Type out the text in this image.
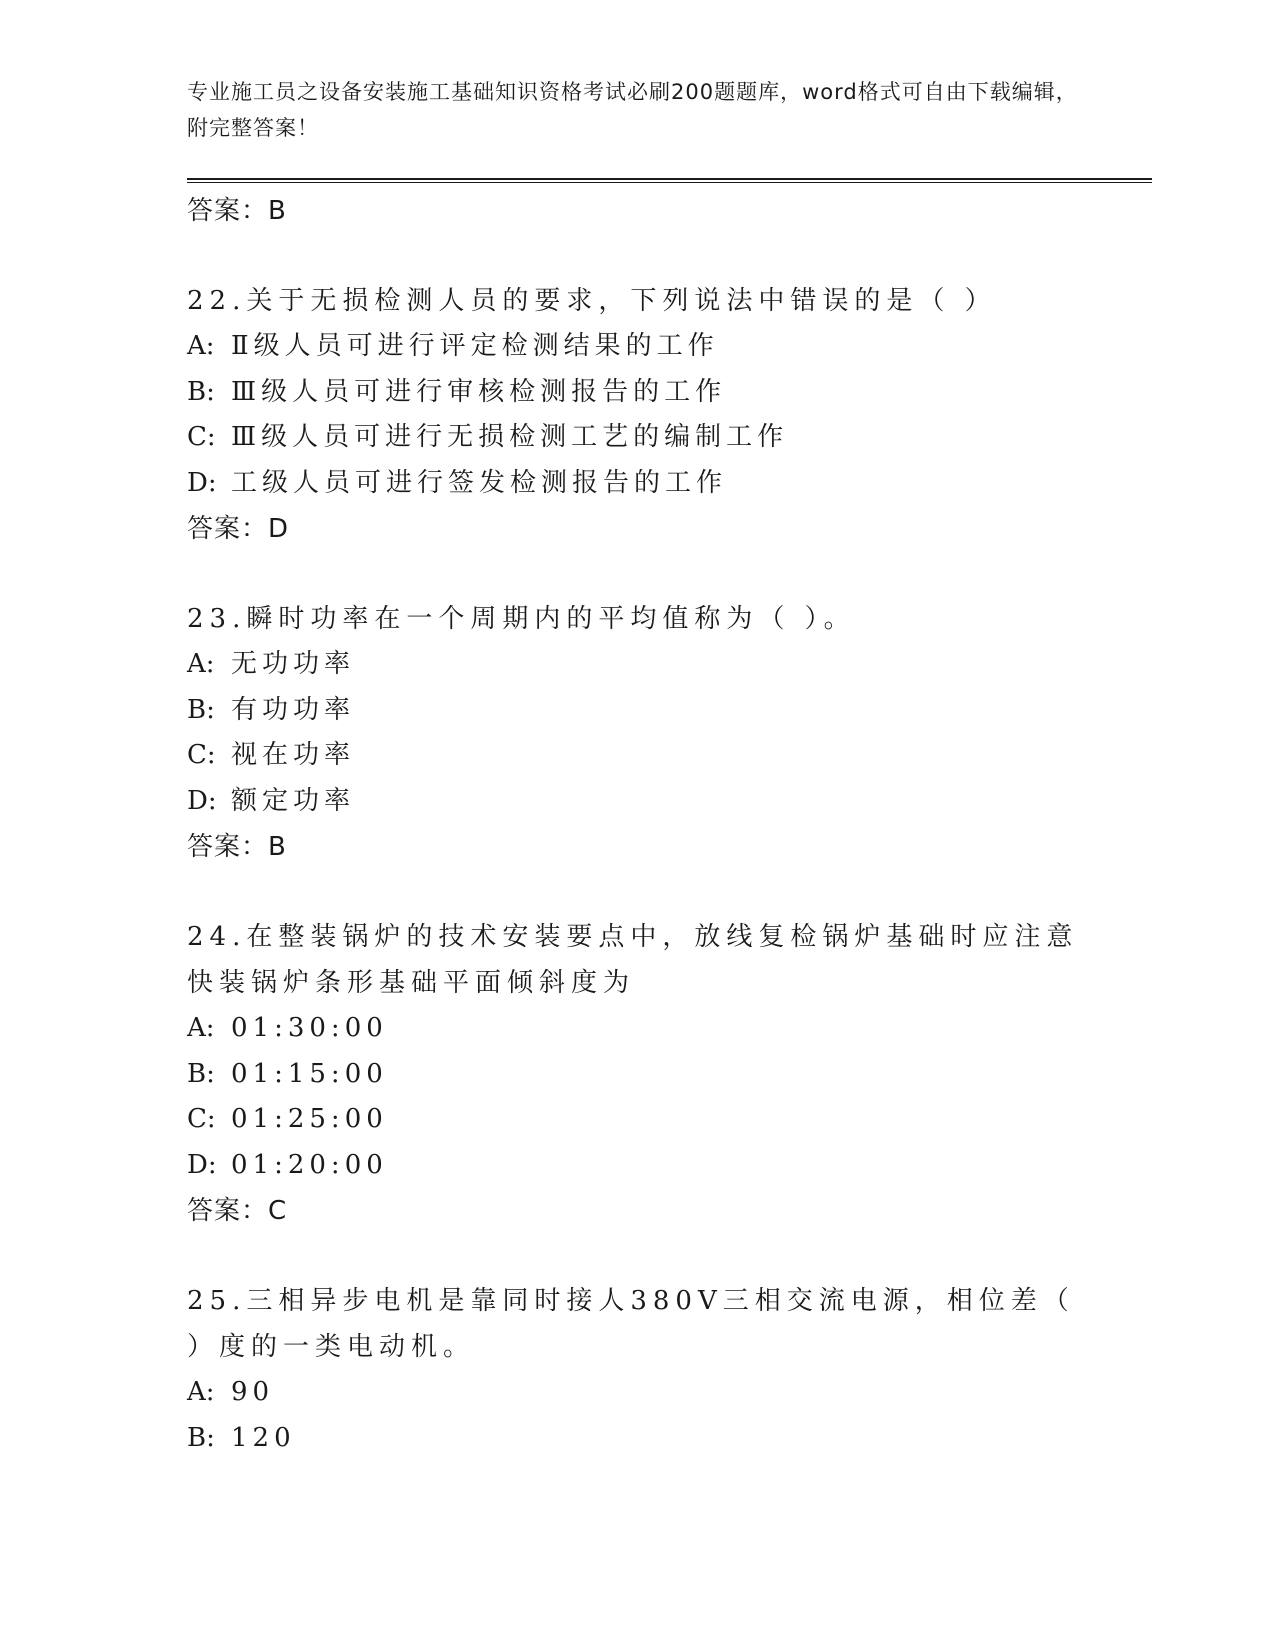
专业施工员之设备安装施工基础知识资格考试必刷200题题库，word格式可自由下载编辑，附完整答案！
答案：B
22.关于无损检测人员的要求，下列说法中错误的是（ ）
A: Ⅱ级人员可进行评定检测结果的工作
B: Ⅲ级人员可进行审核检测报告的工作
C: Ⅲ级人员可进行无损检测工艺的编制工作
D: 工级人员可进行签发检测报告的工作
答案：D
23.瞬时功率在一个周期内的平均值称为（ ）。
A: 无功功率
B: 有功功率
C: 视在功率
D: 额定功率
答案：B
24.在整装锅炉的技术安装要点中，放线复检锅炉基础时应注意快装锅炉条形基础平面倾斜度为
A: 01:30:00
B: 01:15:00
C: 01:25:00
D: 01:20:00
答案：C
25.三相异步电机是靠同时接人380V三相交流电源，相位差（ ）度的一类电动机。
A: 90
B: 120
